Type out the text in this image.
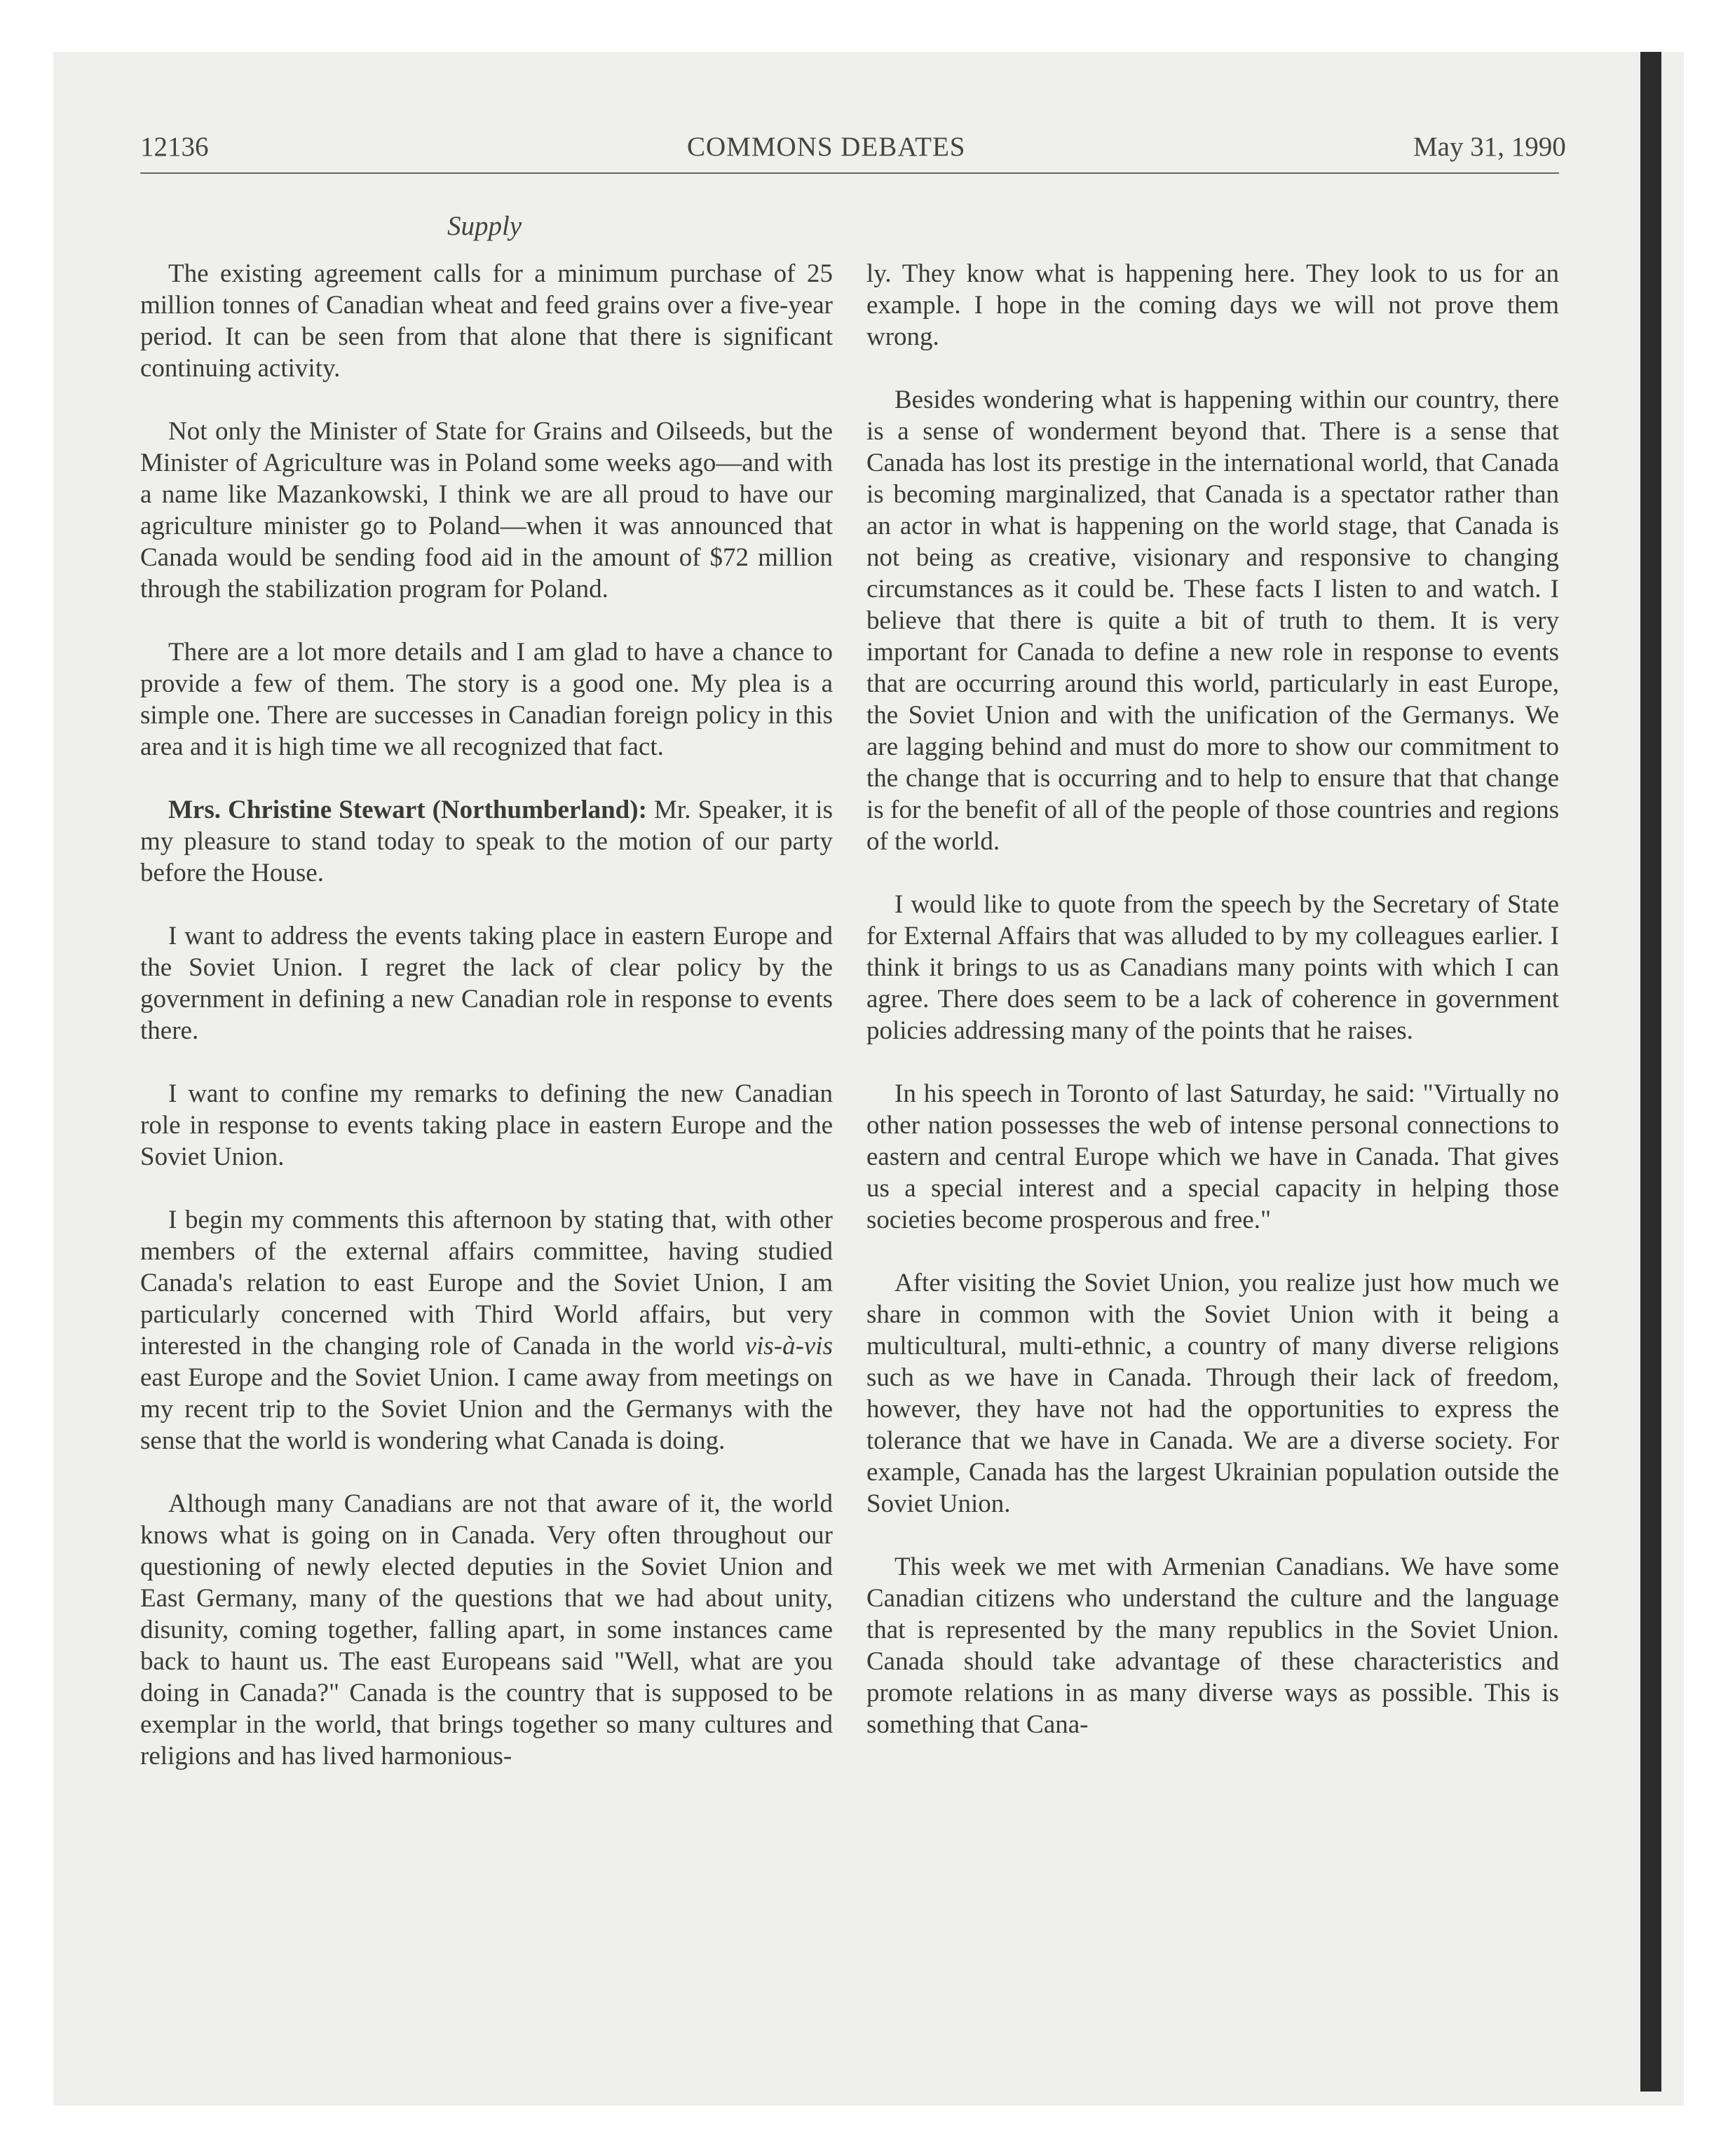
12136	COMMONS DEBATES	May 31, 1990
Supply

The existing agreement calls for a minimum purchase of 25 million tonnes of Canadian wheat and feed grains over a five-year period. It can be seen from that alone that there is significant continuing activity.

Not only the Minister of State for Grains and Oilseeds, but the Minister of Agriculture was in Poland some weeks ago—and with a name like Mazankowski, I think we are all proud to have our agriculture minister go to Poland—when it was announced that Canada would be sending food aid in the amount of $72 million through the stabilization program for Poland.

There are a lot more details and I am glad to have a chance to provide a few of them. The story is a good one. My plea is a simple one. There are successes in Canadian foreign policy in this area and it is high time we all recognized that fact.

Mrs. Christine Stewart (Northumberland): Mr. Speaker, it is my pleasure to stand today to speak to the motion of our party before the House.

I want to address the events taking place in eastern Europe and the Soviet Union. I regret the lack of clear policy by the government in defining a new Canadian role in response to events there.

I want to confine my remarks to defining the new Canadian role in response to events taking place in eastern Europe and the Soviet Union.

I begin my comments this afternoon by stating that, with other members of the external affairs committee, having studied Canada's relation to east Europe and the Soviet Union, I am particularly concerned with Third World affairs, but very interested in the changing role of Canada in the world vis-à-vis east Europe and the Soviet Union. I came away from meetings on my recent trip to the Soviet Union and the Germanys with the sense that the world is wondering what Canada is doing.

Although many Canadians are not that aware of it, the world knows what is going on in Canada. Very often throughout our questioning of newly elected deputies in the Soviet Union and East Germany, many of the questions that we had about unity, disunity, coming together, falling apart, in some instances came back to haunt us. The east Europeans said "Well, what are you doing in Canada?" Canada is the country that is supposed to be exemplar in the world, that brings together so many cultures and religions and has lived harmonious-

ly. They know what is happening here. They look to us for an example. I hope in the coming days we will not prove them wrong.

Besides wondering what is happening within our country, there is a sense of wonderment beyond that. There is a sense that Canada has lost its prestige in the international world, that Canada is becoming marginalized, that Canada is a spectator rather than an actor in what is happening on the world stage, that Canada is not being as creative, visionary and responsive to changing circumstances as it could be. These facts I listen to and watch. I believe that there is quite a bit of truth to them. It is very important for Canada to define a new role in response to events that are occurring around this world, particularly in east Europe, the Soviet Union and with the unification of the Germanys. We are lagging behind and must do more to show our commitment to the change that is occurring and to help to ensure that that change is for the benefit of all of the people of those countries and regions of the world.

I would like to quote from the speech by the Secretary of State for External Affairs that was alluded to by my colleagues earlier. I think it brings to us as Canadians many points with which I can agree. There does seem to be a lack of coherence in government policies addressing many of the points that he raises.

In his speech in Toronto of last Saturday, he said: "Virtually no other nation possesses the web of intense personal connections to eastern and central Europe which we have in Canada. That gives us a special interest and a special capacity in helping those societies become prosperous and free."

After visiting the Soviet Union, you realize just how much we share in common with the Soviet Union with it being a multicultural, multi-ethnic, a country of many diverse religions such as we have in Canada. Through their lack of freedom, however, they have not had the opportunities to express the tolerance that we have in Canada. We are a diverse society. For example, Canada has the largest Ukrainian population outside the Soviet Union.

This week we met with Armenian Canadians. We have some Canadian citizens who understand the culture and the language that is represented by the many republics in the Soviet Union. Canada should take advantage of these characteristics and promote relations in as many diverse ways as possible. This is something that Cana-
